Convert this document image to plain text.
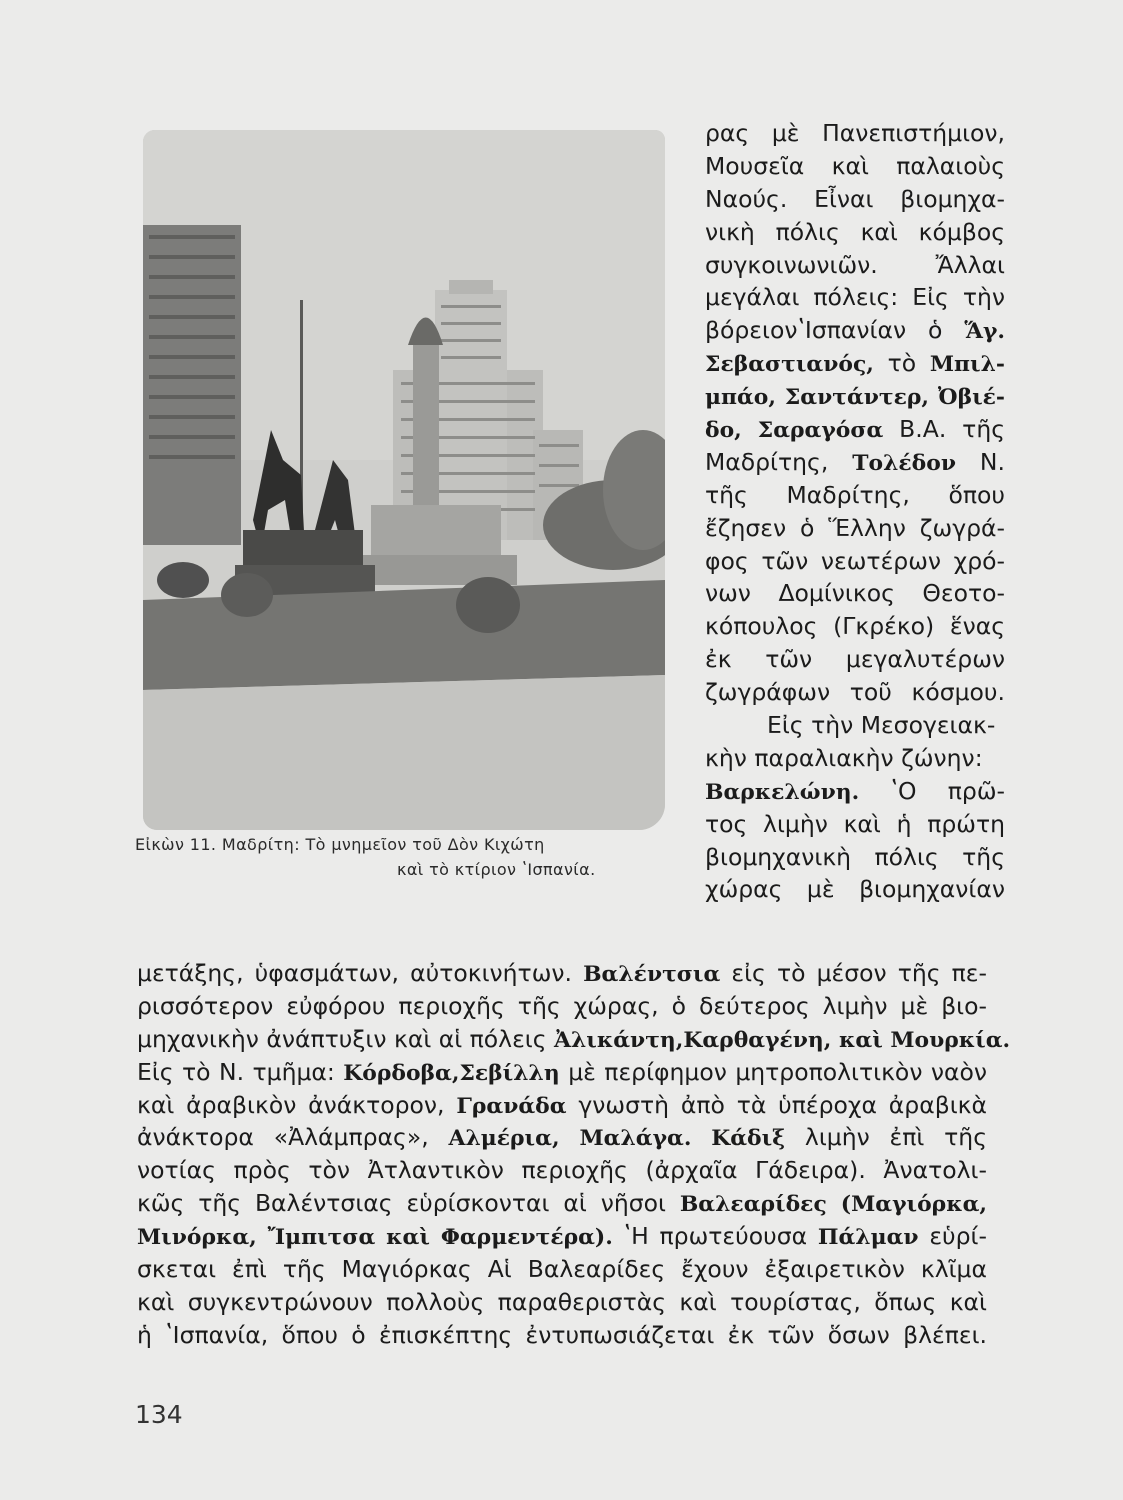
Εἰκὼν 11. Μαδρίτη: Τὸ μνημεῖον τοῦ Δὸν Κιχώτη
καὶ τὸ κτίριον ʽΙσπανία.
ρας μὲ Πανεπιστήμιον,
Μουσεῖα καὶ παλαιοὺς
Ναούς. Εἶναι βιομηχα-
νικὴ πόλις καὶ κόμβος
συγκοινωνιῶν. Ἄλλαι
μεγάλαι πόλεις: Εἰς τὴν
βόρειονʽΙσπανίαν ὁ Ἅγ.
Σεβαστιανός, τὸ Μπιλ-
μπάο, Σαντάντερ, Ὀβιέ-
δο, Σαραγόσα Β.Α. τῆς
Μαδρίτης, Τολέδον Ν.
τῆς Μαδρίτης, ὅπου
ἔζησεν ὁ Ἕλλην ζωγρά-
φος τῶν νεωτέρων χρό-
νων Δομίνικος Θεοτο-
κόπουλος (Γκρέκο) ἕνας
ἐκ τῶν μεγαλυτέρων
ζωγράφων τοῦ κόσμου.
Εἰς τὴν Μεσογειακ-
κὴν παραλιακὴν ζώνην:
Βαρκελώνη. ʽΟ πρῶ-
τος λιμὴν καὶ ἡ πρώτη
βιομηχανικὴ πόλις τῆς
χώρας μὲ βιομηχανίαν
μετάξης, ὑφασμάτων, αὐτοκινήτων. Βαλέντσια εἰς τὸ μέσον τῆς πε-
ρισσότερον εὐφόρου περιοχῆς τῆς χώρας, ὁ δεύτερος λιμὴν μὲ βιο-
μηχανικὴν ἀνάπτυξιν καὶ αἱ πόλεις Ἀλικάντη,Καρθαγένη, καὶ Μουρκία.
Εἰς τὸ Ν. τμῆμα: Κόρδοβα,Σεβίλλη μὲ περίφημον μητροπολιτικὸν ναὸν
καὶ ἀραβικὸν ἀνάκτορον, Γρανάδα γνωστὴ ἀπὸ τὰ ὑπέροχα ἀραβικὰ
ἀνάκτορα «Ἀλάμπρας», Αλμέρια, Μαλάγα. Κάδιξ λιμὴν ἐπὶ τῆς
νοτίας πρὸς τὸν Ἀτλαντικὸν περιοχῆς (ἀρχαῖα Γάδειρα). Ἀνατολι-
κῶς τῆς Βαλέντσιας εὑρίσκονται αἱ νῆσοι Βαλεαρίδες (Μαγιόρκα,
Μινόρκα, Ἴμπιτσα καὶ Φαρμεντέρα). ʽΗ πρωτεύουσα Πάλμαν εὑρί-
σκεται ἐπὶ τῆς Μαγιόρκας Αἱ Βαλεαρίδες ἔχουν ἐξαιρετικὸν κλῖμα
καὶ συγκεντρώνουν πολλοὺς παραθεριστὰς καὶ τουρίστας, ὅπως καὶ
ἡ ʽΙσπανία, ὅπου ὁ ἐπισκέπτης ἐντυπωσιάζεται ἐκ τῶν ὅσων βλέπει.
134
